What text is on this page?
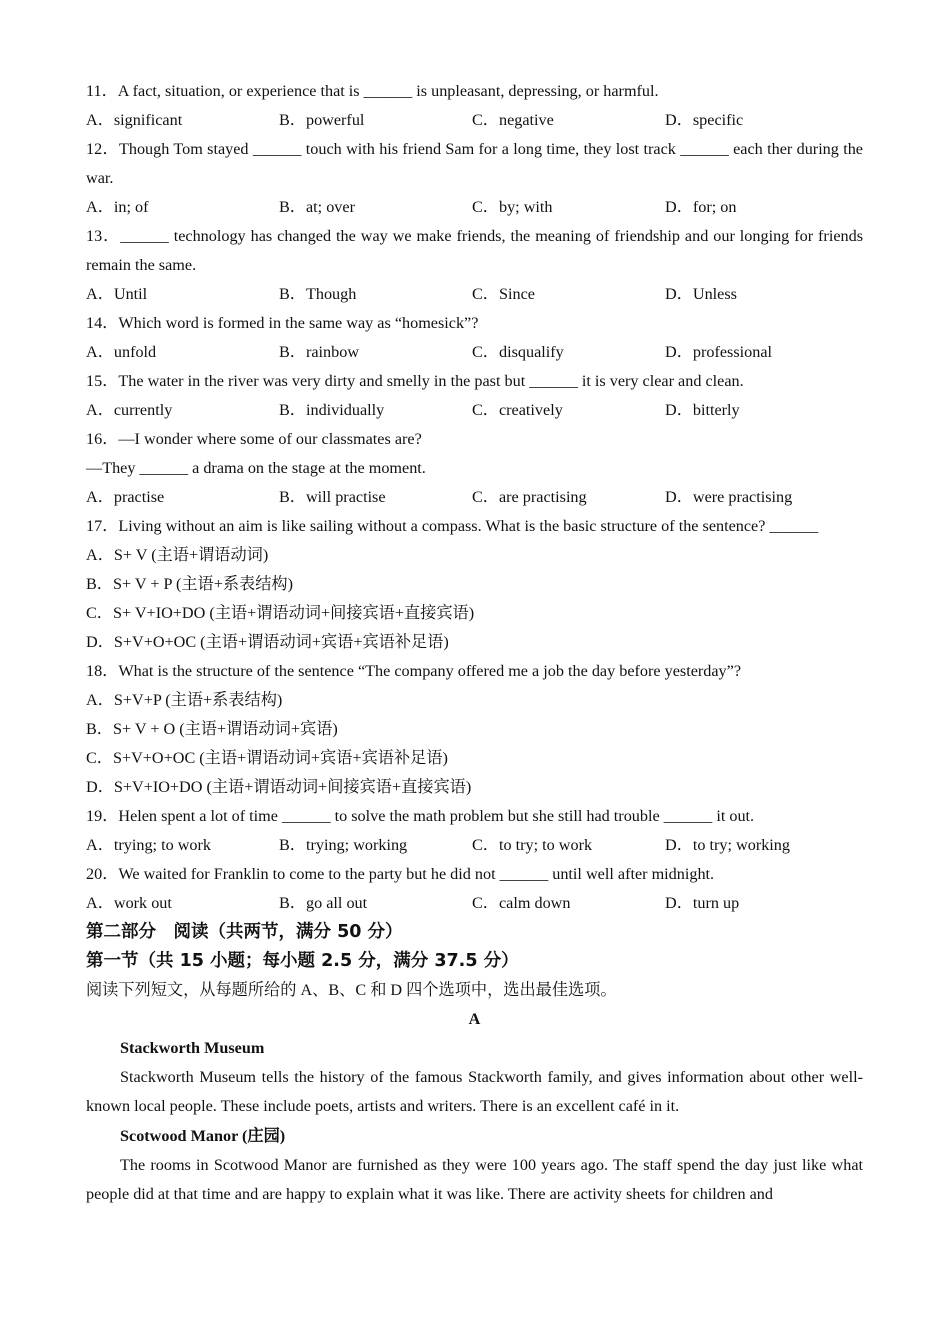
11．A fact, situation, or experience that is ______ is unpleasant, depressing, or harmful.
A．significant	B．powerful	C．negative	D．specific
12．Though Tom stayed ______ touch with his friend Sam for a long time, they lost track ______ each ther during the war.
A．in; of	B．at; over	C．by; with	D．for; on
13．______ technology has changed the way we make friends, the meaning of friendship and our longing for friends remain the same.
A．Until	B．Though	C．Since	D．Unless
14．Which word is formed in the same way as “homesick”?
A．unfold	B．rainbow	C．disqualify	D．professional
15．The water in the river was very dirty and smelly in the past but ______ it is very clear and clean.
A．currently	B．individually	C．creatively	D．bitterly
16．—I wonder where some of our classmates are?
—They ______ a drama on the stage at the moment.
A．practise	B．will practise	C．are practising	D．were practising
17．Living without an aim is like sailing without a compass. What is the basic structure of the sentence? ______
A．S+ V (主语+谓语动词)
B．S+ V + P (主语+系表结构)
C．S+ V+IO+DO (主语+谓语动词+间接宾语+直接宾语)
D．S+V+O+OC (主语+谓语动词+宾语+宾语补足语)
18．What is the structure of the sentence “The company offered me a job the day before yesterday”?
A．S+V+P (主语+系表结构)
B．S+ V + O (主语+谓语动词+宾语)
C．S+V+O+OC (主语+谓语动词+宾语+宾语补足语)
D．S+V+IO+DO (主语+谓语动词+间接宾语+直接宾语)
19．Helen spent a lot of time ______ to solve the math problem but she still had trouble ______ it out.
A．trying; to work	B．trying; working	C．to try; to work	D．to try; working
20．We waited for Franklin to come to the party but he did not ______ until well after midnight.
A．work out	B．go all out	C．calm down	D．turn up
第二部分　阅读（共两节，满分 50 分）
第一节（共 15 小题；每小题 2.5 分，满分 37.5 分）
阅读下列短文，从每题所给的 A、B、C 和 D 四个选项中，选出最佳选项。
A
Stackworth Museum
Stackworth Museum tells the history of the famous Stackworth family, and gives information about other well-known local people. These include poets, artists and writers. There is an excellent café in it.
Scotwood Manor (庄园)
The rooms in Scotwood Manor are furnished as they were 100 years ago. The staff spend the day just like what people did at that time and are happy to explain what it was like. There are activity sheets for children and
